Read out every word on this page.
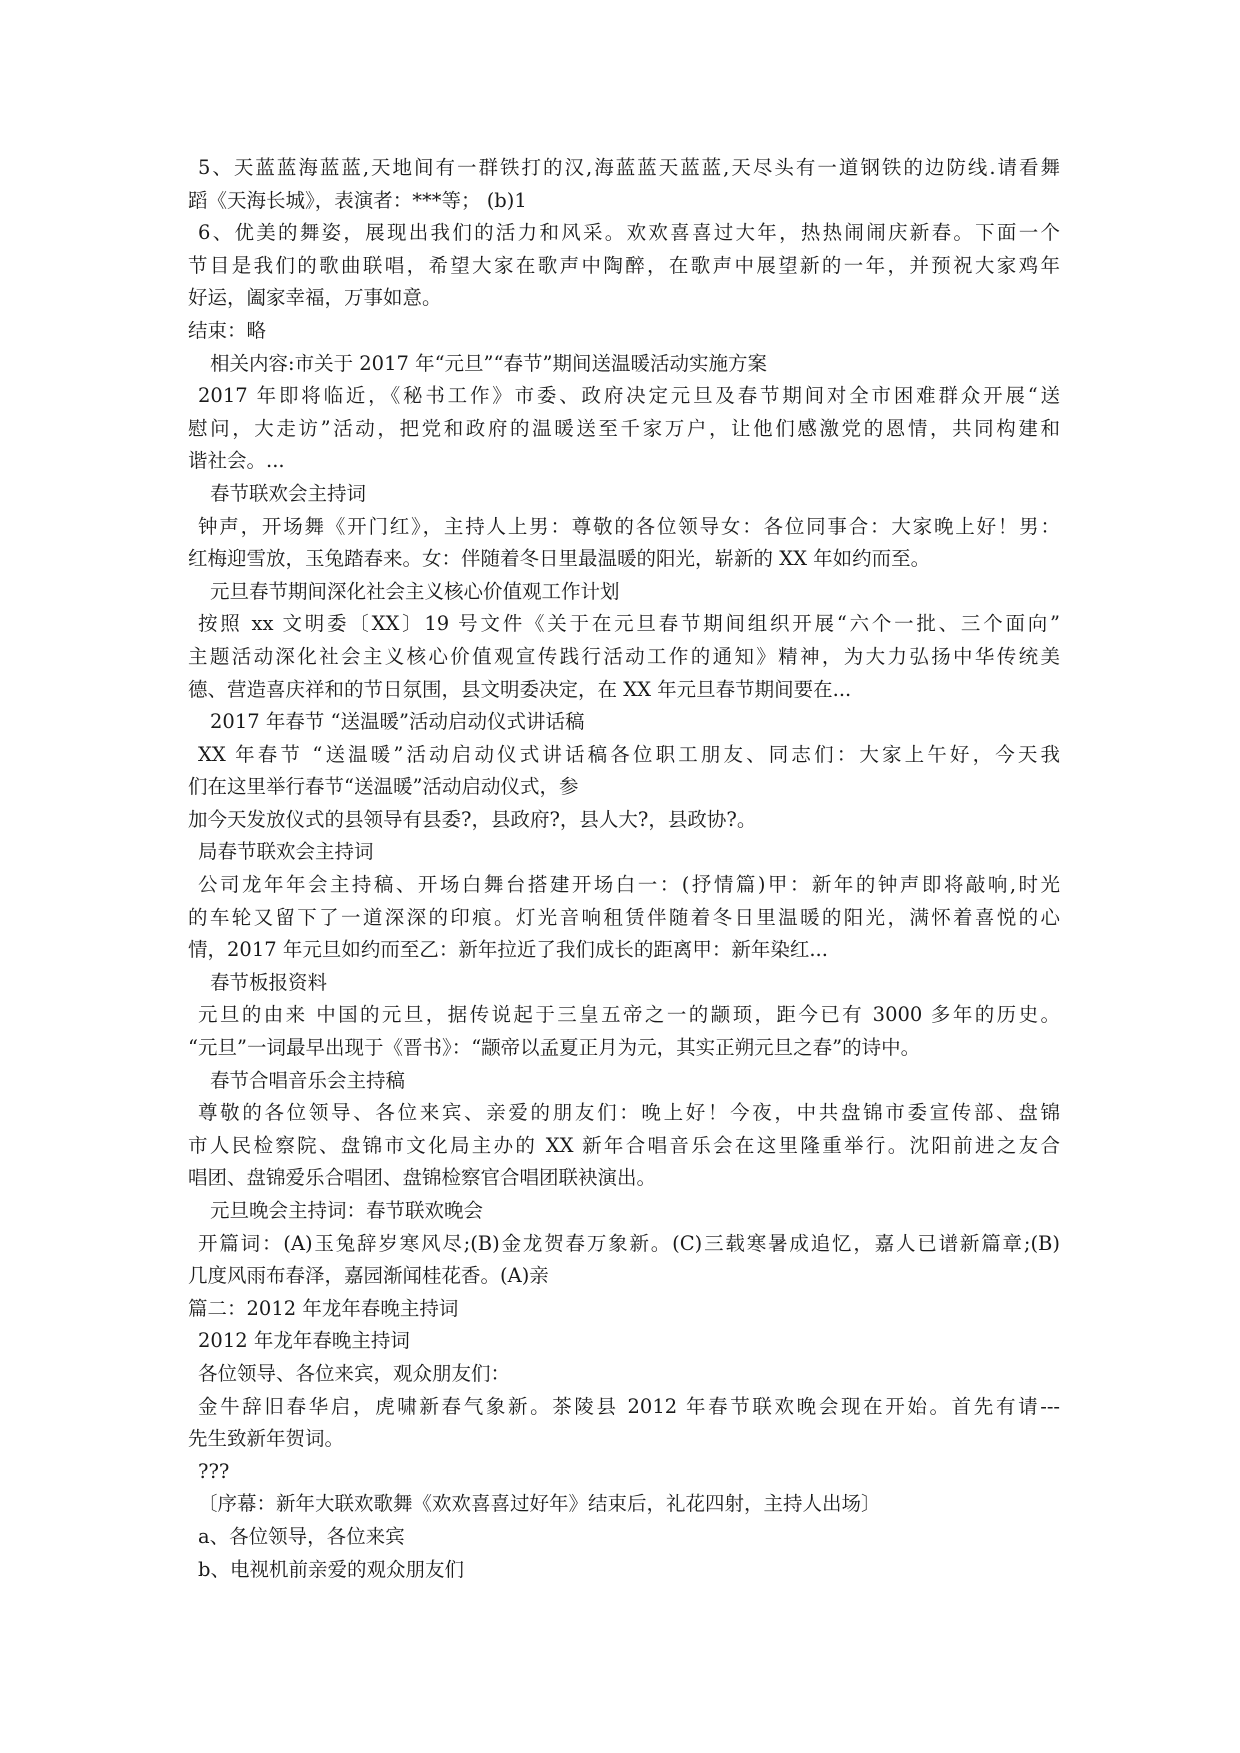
5、天蓝蓝海蓝蓝,天地间有一群铁打的汉,海蓝蓝天蓝蓝,天尽头有一道钢铁的边防线.请看舞
蹈《天海长城》，表演者：***等； (b)1
6、优美的舞姿，展现出我们的活力和风采。欢欢喜喜过大年，热热闹闹庆新春。下面一个
节目是我们的歌曲联唱，希望大家在歌声中陶醉，在歌声中展望新的一年，并预祝大家鸡年
好运，阖家幸福，万事如意。
结束：略
相关内容:市关于 2017 年“元旦”“春节”期间送温暖活动实施方案
2017 年即将临近，《秘书工作》市委、政府决定元旦及春节期间对全市困难群众开展“送
慰问，大走访”活动，把党和政府的温暖送至千家万户，让他们感激党的恩情，共同构建和
谐社会。...
春节联欢会主持词
钟声，开场舞《开门红》，主持人上男：尊敬的各位领导女：各位同事合：大家晚上好！男：
红梅迎雪放，玉兔踏春来。女：伴随着冬日里最温暖的阳光，崭新的 XX 年如约而至。
元旦春节期间深化社会主义核心价值观工作计划
按照 xx 文明委〔XX〕19 号文件《关于在元旦春节期间组织开展“六个一批、三个面向”
主题活动深化社会主义核心价值观宣传践行活动工作的通知》精神，为大力弘扬中华传统美
德、营造喜庆祥和的节日氛围，县文明委决定，在 XX 年元旦春节期间要在...
2017 年春节 “送温暖”活动启动仪式讲话稿
XX 年春节 “送温暖”活动启动仪式讲话稿各位职工朋友、同志们：大家上午好，今天我
们在这里举行春节“送温暖”活动启动仪式，参
加今天发放仪式的县领导有县委?，县政府?，县人大?，县政协?。
局春节联欢会主持词
公司龙年年会主持稿、开场白舞台搭建开场白一：(抒情篇)甲：新年的钟声即将敲响,时光
的车轮又留下了一道深深的印痕。灯光音响租赁伴随着冬日里温暖的阳光，满怀着喜悦的心
情，2017 年元旦如约而至乙：新年拉近了我们成长的距离甲：新年染红...
春节板报资料
元旦的由来 中国的元旦，据传说起于三皇五帝之一的颛顼，距今已有 3000 多年的历史。
“元旦”一词最早出现于《晋书》：“颛帝以孟夏正月为元，其实正朔元旦之春”的诗中。
春节合唱音乐会主持稿
尊敬的各位领导、各位来宾、亲爱的朋友们：晚上好！今夜，中共盘锦市委宣传部、盘锦
市人民检察院、盘锦市文化局主办的 XX 新年合唱音乐会在这里隆重举行。沈阳前进之友合
唱团、盘锦爱乐合唱团、盘锦检察官合唱团联袂演出。
元旦晚会主持词：春节联欢晚会
开篇词：(A)玉兔辞岁寒风尽;(B)金龙贺春万象新。(C)三载寒暑成追忆，嘉人已谱新篇章;(B)
几度风雨布春泽，嘉园渐闻桂花香。(A)亲
篇二：2012 年龙年春晚主持词
2012 年龙年春晚主持词
各位领导、各位来宾，观众朋友们：
金牛辞旧春华启，虎啸新春气象新。茶陵县 2012 年春节联欢晚会现在开始。首先有请---
先生致新年贺词。
???
〔序幕：新年大联欢歌舞《欢欢喜喜过好年》结束后，礼花四射，主持人出场〕
a、各位领导，各位来宾
b、电视机前亲爱的观众朋友们
